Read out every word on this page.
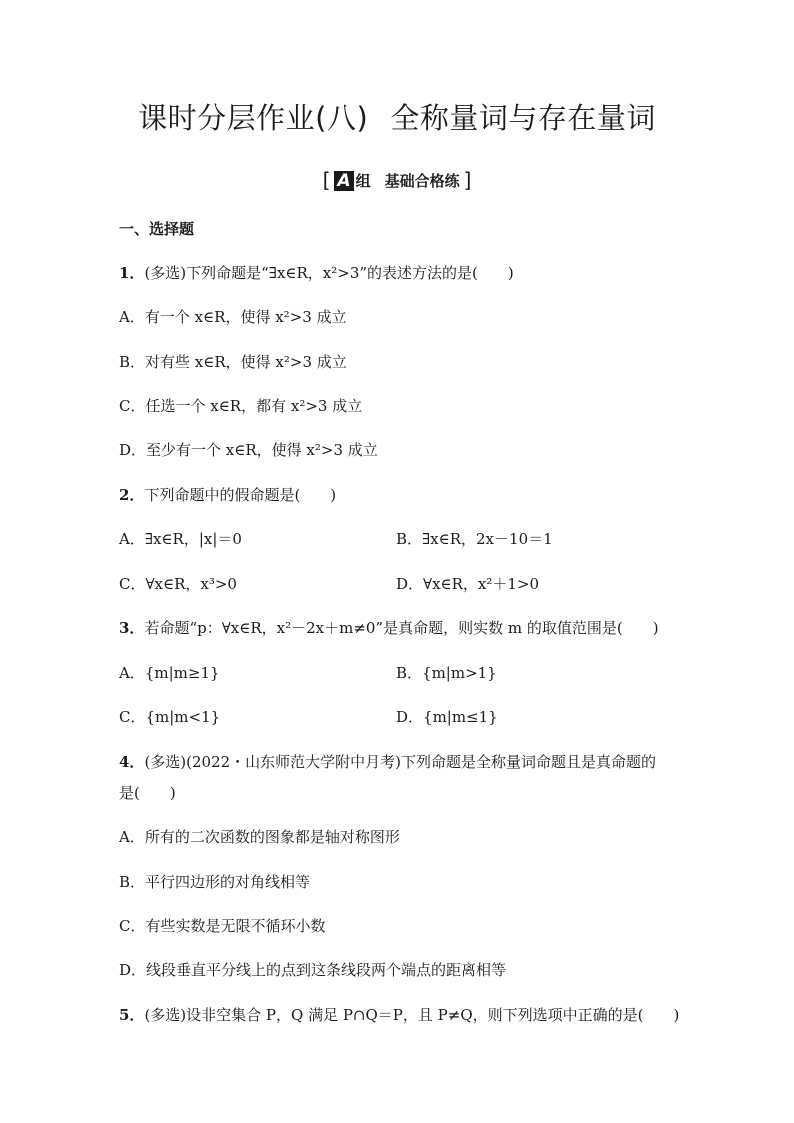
课时分层作业(八) 全称量词与存在量词
[ A 组 基础合格练 ]
一、选择题
1．(多选)下列命题是“∃x∈R，x²>3”的表述方法的是(　　)
A．有一个 x∈R，使得 x²>3 成立
B．对有些 x∈R，使得 x²>3 成立
C．任选一个 x∈R，都有 x²>3 成立
D．至少有一个 x∈R，使得 x²>3 成立
2．下列命题中的假命题是(　　)
A．∃x∈R，|x|＝0	B．∃x∈R，2x－10＝1
C．∀x∈R，x³>0	D．∀x∈R，x²＋1>0
3．若命题“p：∀x∈R，x²－2x＋m≠0”是真命题，则实数 m 的取值范围是(　　)
A．{m|m≥1}	B．{m|m>1}
C．{m|m<1}	D．{m|m≤1}
4．(多选)(2022・山东师范大学附中月考)下列命题是全称量词命题且是真命题的
是(　　)
A．所有的二次函数的图象都是轴对称图形
B．平行四边形的对角线相等
C．有些实数是无限不循环小数
D．线段垂直平分线上的点到这条线段两个端点的距离相等
5．(多选)设非空集合 P，Q 满足 P∩Q＝P，且 P≠Q，则下列选项中正确的是(　　)
